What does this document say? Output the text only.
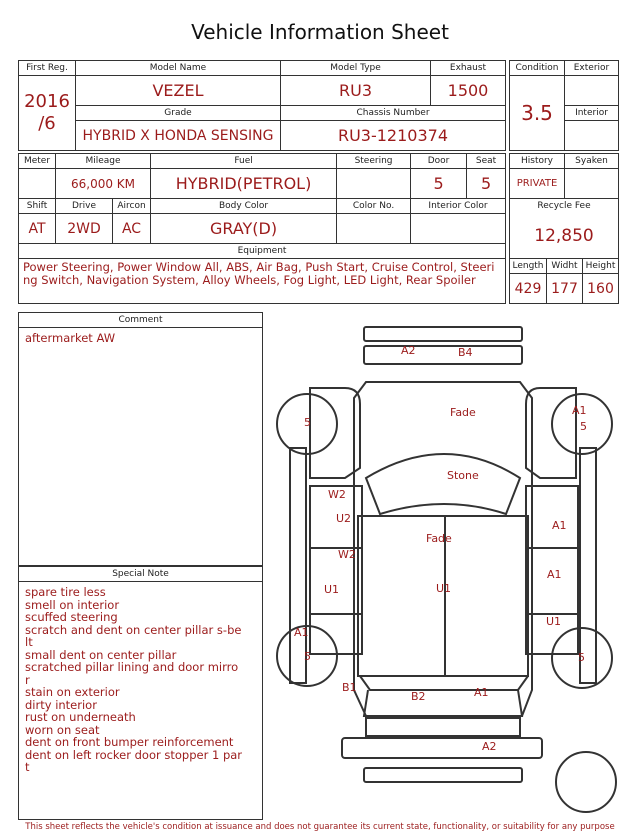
Vehicle Information Sheet
First Reg.	Model Name	Model Type	Exhaust
2016
/6	VEZEL	RU3	1500
	Grade	Chassis Number	
	HYBRID X HONDA SENSING	RU3-1210374	
Condition	Exterior
3.5	
	Interior

Meter	Mileage		Fuel	Steering	Door	Seat
	66,000 KM		HYBRID(PETROL)		5	5
Shift	Drive	Aircon	Body Color	Color No.	Interior Color	
AT	2WD	AC	GRAY(D)			
Equipment						
Power Steering, Power Window All, ABS, Air Bag, Push Start, Cruise Control, Steering Switch, Navigation System, Alloy Wheels, Fog Light, LED Light, Rear Spoiler						
History		Syaken	
PRIVATE			
Recycle Fee			
12,850			
Length	Widht		Height
429	177		160
Comment
aftermarket AW
Special Note
spare tire less
smell on interior
scuffed steering
scratch and dent on center pillar s-be
lt
small dent on center pillar
scratched pillar lining and door mirro
r
stain on exterior
dirty interior
rust on underneath
worn on seat
dent on front bumper reinforcement
dent on left rocker door stopper 1 par
t
A2	B4
Fade
Stone
Fade
W2
U2
W2
U1	U1
A1
5
A1
A1
U1
5
5
A1
5
B1
B2	A1
A2
This sheet reflects the vehicle's condition at issuance and does not guarantee its current state, functionality, or suitability for any purpose
